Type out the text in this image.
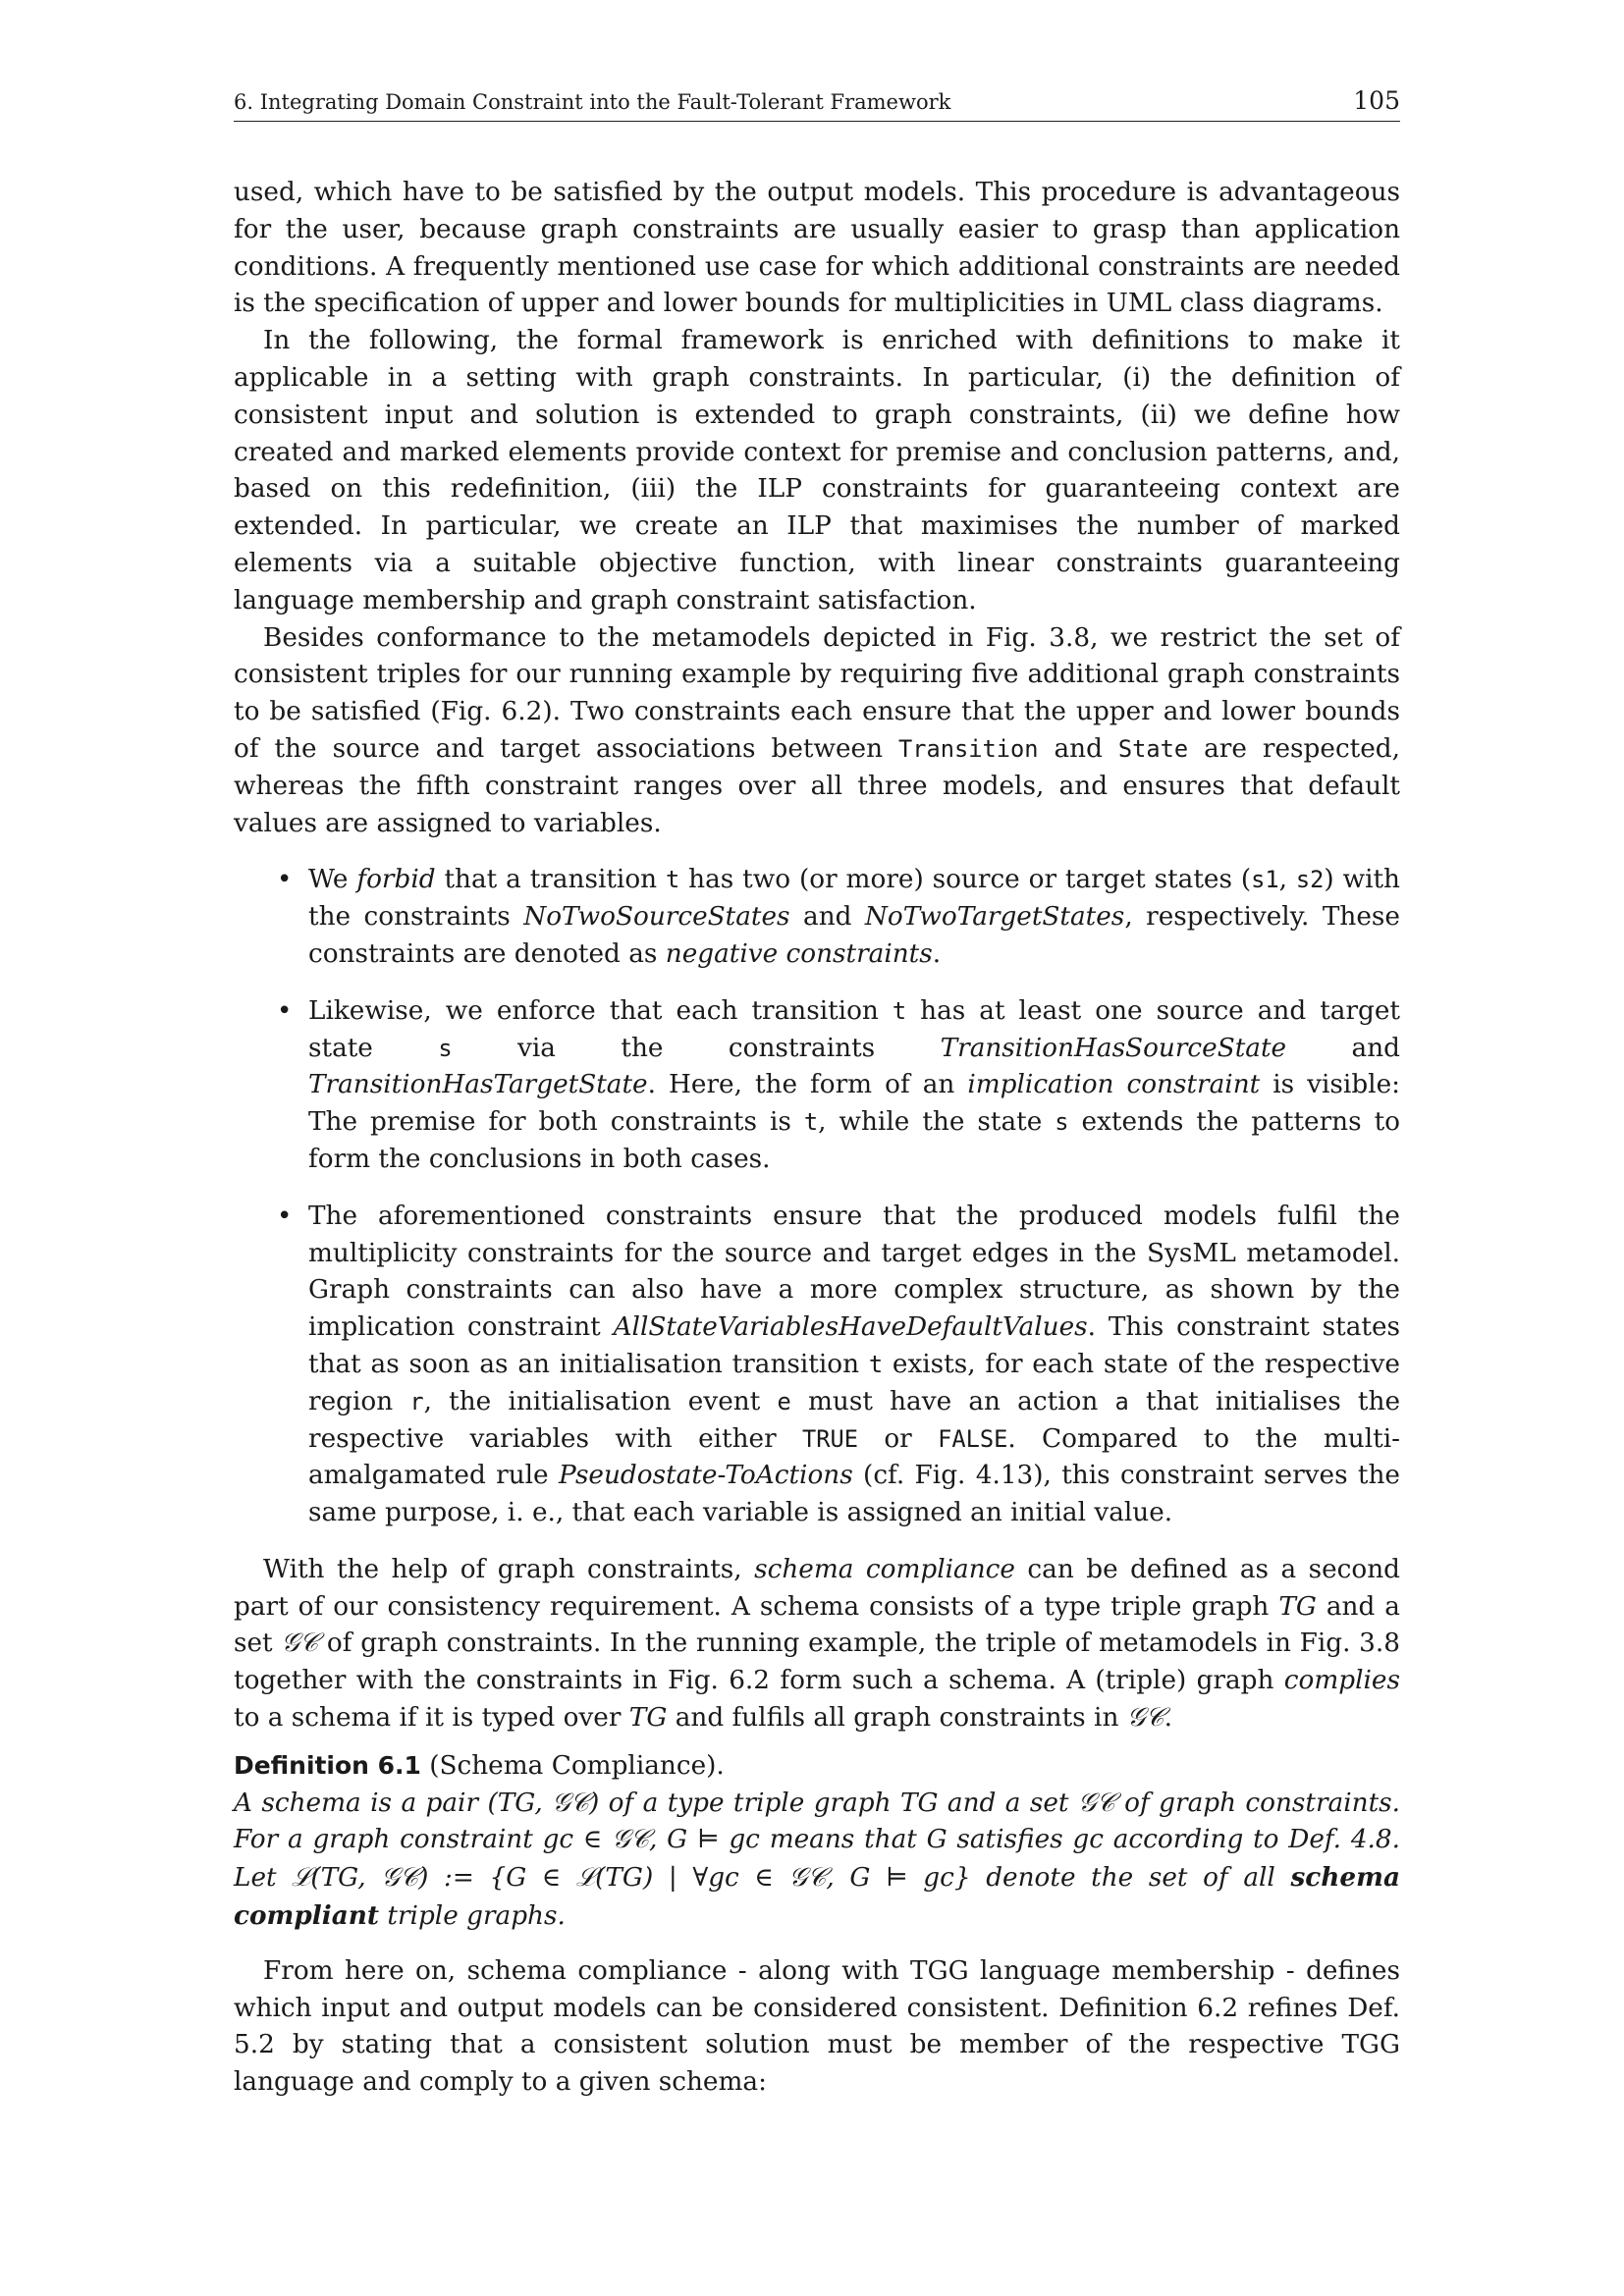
6. Integrating Domain Constraint into the Fault-Tolerant Framework	105

used, which have to be satisfied by the output models. This procedure is advantageous for the user, because graph constraints are usually easier to grasp than application conditions. A frequently mentioned use case for which additional constraints are needed is the specification of upper and lower bounds for multiplicities in UML class diagrams.

In the following, the formal framework is enriched with definitions to make it applicable in a setting with graph constraints. In particular, (i) the definition of consistent input and solution is extended to graph constraints, (ii) we define how created and marked elements provide context for premise and conclusion patterns, and, based on this redefinition, (iii) the ILP constraints for guaranteeing context are extended. In particular, we create an ILP that maximises the number of marked elements via a suitable objective function, with linear constraints guaranteeing language membership and graph constraint satisfaction.

Besides conformance to the metamodels depicted in Fig. 3.8, we restrict the set of consistent triples for our running example by requiring five additional graph constraints to be satisfied (Fig. 6.2). Two constraints each ensure that the upper and lower bounds of the source and target associations between Transition and State are respected, whereas the fifth constraint ranges over all three models, and ensures that default values are assigned to variables.

• We forbid that a transition t has two (or more) source or target states (s1, s2) with the constraints NoTwoSourceStates and NoTwoTargetStates, respectively. These constraints are denoted as negative constraints.
• Likewise, we enforce that each transition t has at least one source and target state s via the constraints TransitionHasSourceState and TransitionHasTargetState. Here, the form of an implication constraint is visible: The premise for both constraints is t, while the state s extends the patterns to form the conclusions in both cases.
• The aforementioned constraints ensure that the produced models fulfil the multiplicity constraints for the source and target edges in the SysML metamodel. Graph constraints can also have a more complex structure, as shown by the implication constraint AllStateVariablesHaveDefaultValues. This constraint states that as soon as an initialisation transition t exists, for each state of the respective region r, the initialisation event e must have an action a that initialises the respective variables with either TRUE or FALSE. Compared to the multi-amalgamated rule Pseudostate-ToActions (cf. Fig. 4.13), this constraint serves the same purpose, i. e., that each variable is assigned an initial value.

With the help of graph constraints, schema compliance can be defined as a second part of our consistency requirement. A schema consists of a type triple graph TG and a set 𝒢𝒞 of graph constraints. In the running example, the triple of metamodels in Fig. 3.8 together with the constraints in Fig. 6.2 form such a schema. A (triple) graph complies to a schema if it is typed over TG and fulfils all graph constraints in 𝒢𝒞.

Definition 6.1 (Schema Compliance).

A schema is a pair (TG, 𝒢𝒞) of a type triple graph TG and a set 𝒢𝒞 of graph constraints. For a graph constraint gc ∈ 𝒢𝒞, G ⊨ gc means that G satisfies gc according to Def. 4.8. Let ℒ(TG, 𝒢𝒞) := {G ∈ ℒ(TG) | ∀gc ∈ 𝒢𝒞, G ⊨ gc} denote the set of all schema compliant triple graphs.

From here on, schema compliance - along with TGG language membership - defines which input and output models can be considered consistent. Definition 6.2 refines Def. 5.2 by stating that a consistent solution must be member of the respective TGG language and comply to a given schema:
